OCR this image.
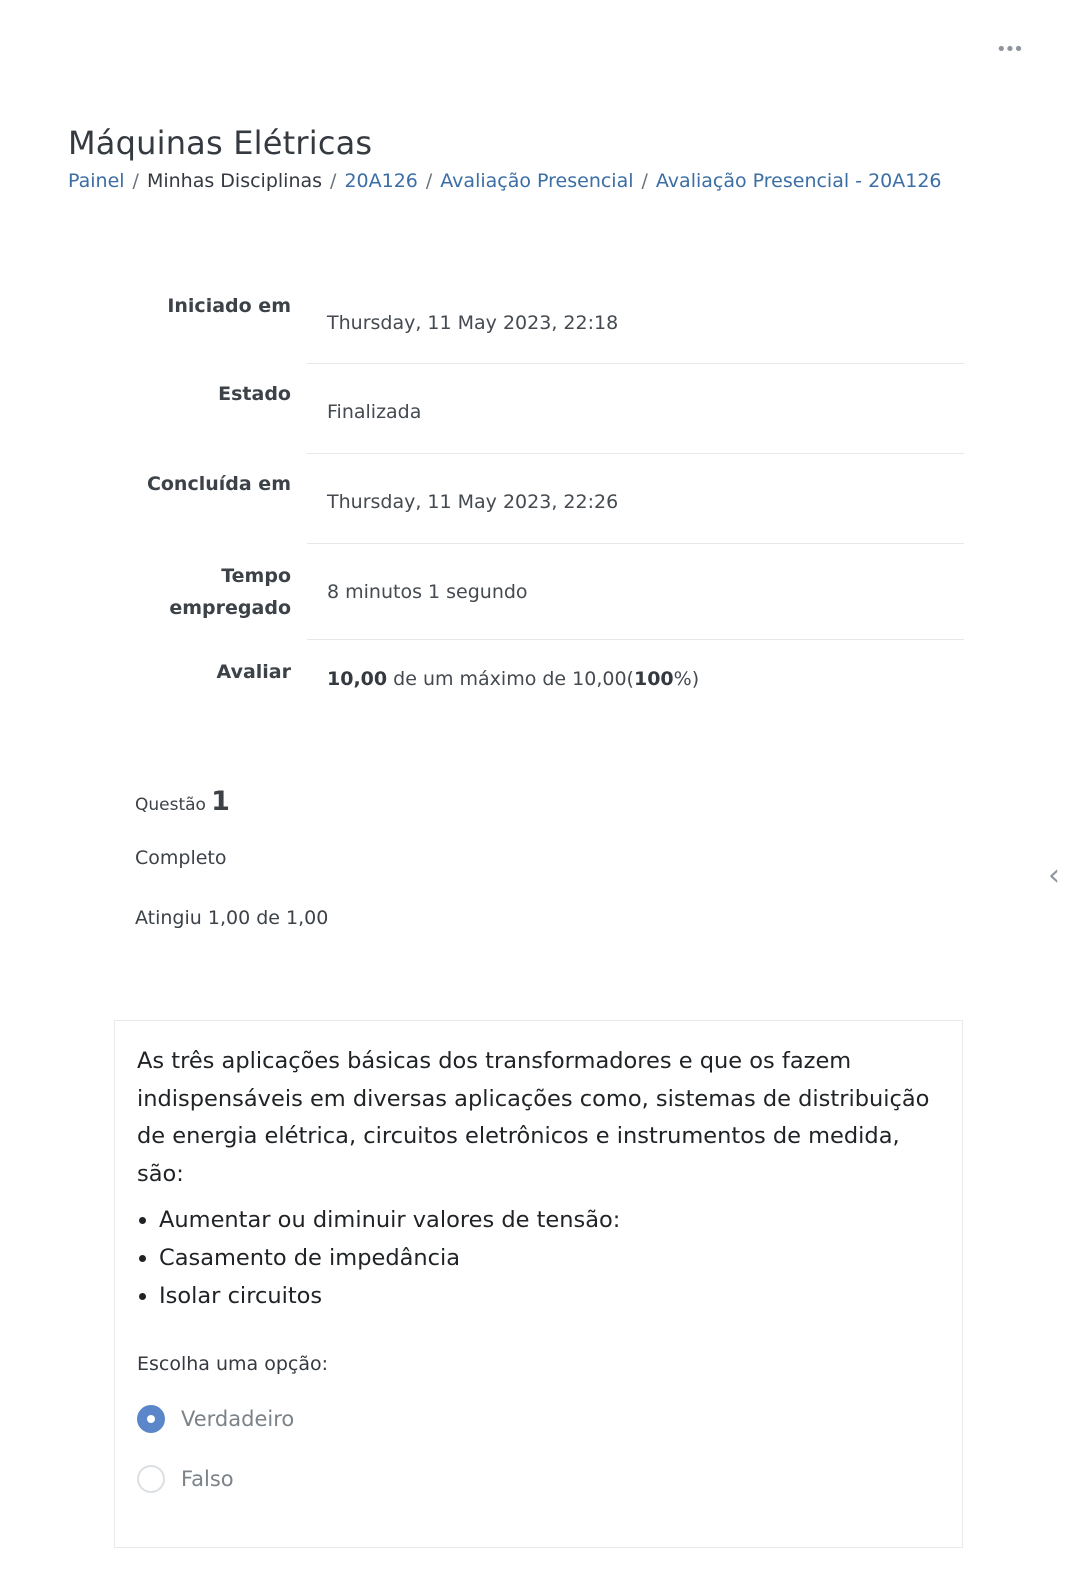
•••
Máquinas Elétricas
Painel / Minhas Disciplinas / 20A126 / Avaliação Presencial / Avaliação Presencial - 20A126
Iniciado em
Thursday, 11 May 2023, 22:18
Estado
Finalizada
Concluída em
Thursday, 11 May 2023, 22:26
Tempo
empregado
8 minutos 1 segundo
Avaliar	10,00 de um máximo de 10,00(100%)
Questão 1
Completo
Atingiu 1,00 de 1,00
‹

As três aplicações básicas dos transformadores e que os fazem indispensáveis em diversas aplicações como, sistemas de distribuição de energia elétrica, circuitos eletrônicos e instrumentos de medida, são:

• Aumentar ou diminuir valores de tensão:
• Casamento de impedância
• Isolar circuitos
Escolha uma opção:
Verdadeiro
Falso
